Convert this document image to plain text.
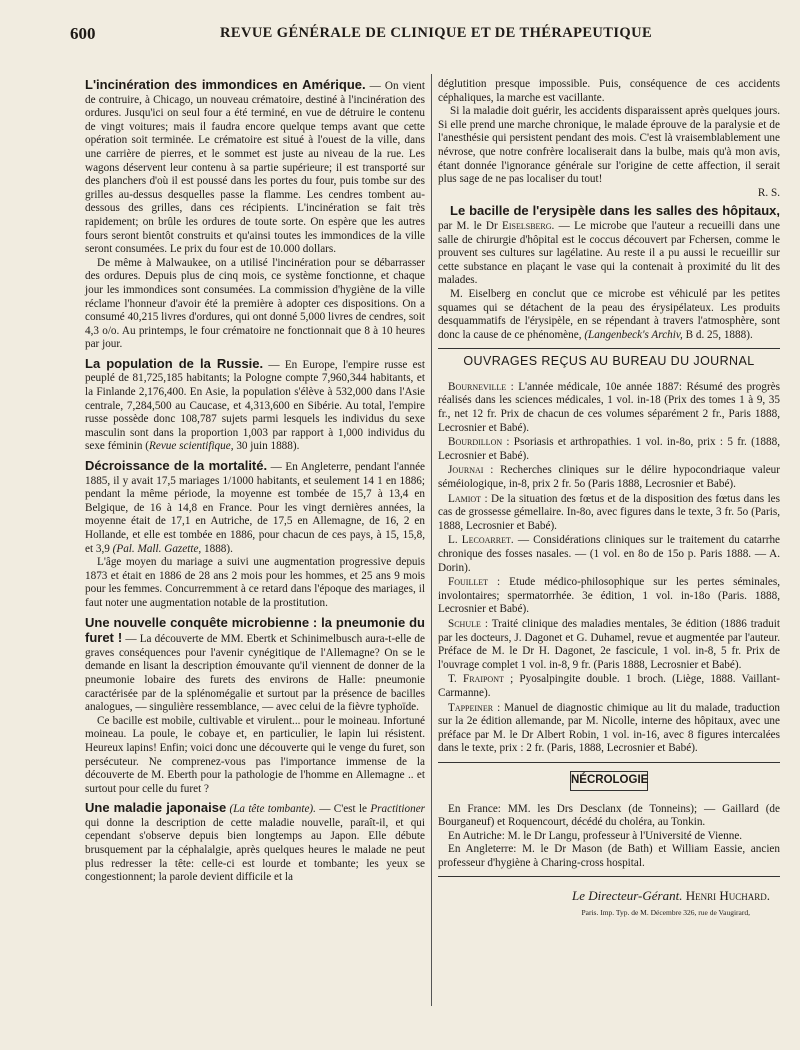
600	REVUE GÉNÉRALE DE CLINIQUE ET DE THÉRAPEUTIQUE

L'incinération des immondices en Amérique. — On vient de contruire, à Chicago, un nouveau crématoire, destiné à l'incinération des ordures. Jusqu'ici on seul four a été terminé, en vue de détruire le contenu de vingt voitures; mais il faudra encore quelque temps avant que cette opération soit terminée. Le crématoire est situé à l'ouest de la ville, dans une carrière de pierres, et le sommet est juste au niveau de la rue. Les wagons déservent leur contenu à sa partie supérieure; il est transporté sur des planchers d'où il est poussé dans les portes du four, puis tombe sur des grilles au-dessus desquelles passe la flamme. Les cendres tombent au-dessous des grilles, dans ces récipients. L'incinération se fait très rapidement; on brûle les ordures de toute sorte. On espère que les autres fours seront bientôt construits et qu'ainsi toutes les immondices de la ville seront consumées. Le prix du four est de 10.000 dollars.

De même à Malwaukee, on a utilisé l'incinération pour se débarrasser des ordures. Depuis plus de cinq mois, ce système fonctionne, et chaque jour les immondices sont consumées. La commission d'hygiène de la ville réclame l'honneur d'avoir été la première à adopter ces dispositions. On a consumé 40,215 livres d'ordures, qui ont donné 5,000 livres de cendres, soit 4,3 o/o. Au printemps, le four crématoire ne fonctionnait que 8 à 10 heures par jour.

La population de la Russie. — En Europe, l'empire russe est peuplé de 81,725,185 habitants; la Pologne compte 7,960,344 habitants, et la Finlande 2,176,400. En Asie, la population s'élève à 532,000 dans l'Asie centrale, 7,284,500 au Caucase, et 4,313,600 en Sibérie. Au total, l'empire russe possède donc 108,787 sujets parmi lesquels les individus du sexe masculin sont dans la proportion 1,003 par rapport à 1,000 individus du sexe féminin (Revue scientifique, 30 juin 1888).

Décroissance de la mortalité. — En Angleterre, pendant l'année 1885, il y avait 17,5 mariages 1/1000 habitants, et seulement 14 1 en 1886; pendant la même période, la moyenne est tombée de 15,7 à 13,4 en Belgique, de 16 à 14,8 en France. Pour les vingt dernières années, la moyenne était de 17,1 en Autriche, de 17,5 en Allemagne, de 16, 2 en Hollande, et elle est tombée en 1886, pour chacun de ces pays, à 15, 15,8, et 3,9 (Pal. Mall. Gazette, 1888).

L'âge moyen du mariage a suivi une augmentation progressive depuis 1873 et était en 1886 de 28 ans 2 mois pour les hommes, et 25 ans 9 mois pour les femmes. Concurremment à ce retard dans l'époque des mariages, il faut noter une augmentation notable de la prostitution.

Une nouvelle conquête microbienne : la pneumonie du furet ! — La découverte de MM. Ebertk et Schinimelbusch aura-t-elle de graves conséquences pour l'avenir cynégitique de l'Allemagne? On se le demande en lisant la description émouvante qu'il viennent de donner de la pneumonie lobaire des furets des environs de Halle: pneumonie caractérisée par de la splénomégalie et surtout par la présence de bacilles analogues, — singulière ressemblance, — avec celui de la fièvre typhoïde.

Ce bacille est mobile, cultivable et virulent... pour le moineau. Infortuné moineau. La poule, le cobaye et, en particulier, le lapin lui résistent. Heureux lapins! Enfin; voici donc une découverte qui le venge du furet, son persécuteur. Ne comprenez-vous pas l'importance immense de la découverte de M. Eberth pour la pathologie de l'homme en Allemagne .. et surtout pour celle du furet ?

Une maladie japonaise (La tête tombante). — C'est le Practitioner qui donne la description de cette maladie nouvelle, paraît-il, et qui cependant s'observe depuis bien longtemps au Japon. Elle débute brusquement par la céphalalgie, après quelques heures le malade ne peut plus redresser la tête: celle-ci est lourde et tombante; les yeux se congestionnent; la parole devient difficile et la

déglutition presque impossible. Puis, conséquence de ces accidents céphaliques, la marche est vacillante.

Si la maladie doit guérir, les accidents disparaissent après quelques jours. Si elle prend une marche chronique, le malade éprouve de la paralysie et de l'anesthésie qui persistent pendant des mois. C'est là vraisemblablement une névrose, que notre confrère localiserait dans la bulbe, mais qu'à mon avis, étant donnée l'ignorance générale sur l'origine de cette affection, il serait plus sage de ne pas localiser du tout!

R. S.

Le bacille de l'erysipèle dans les salles des hôpitaux, par M. le Dr Eiselsberg. — Le microbe que l'auteur a recueilli dans une salle de chirurgie d'hôpital est le coccus découvert par Fchersen, comme le prouvent ses cultures sur lagélatine. Au reste il a pu aussi le recueillir sur cette substance en plaçant le vase qui la contenait à proximité du lit des malades.

M. Eiselberg en conclut que ce microbe est véhiculé par les petites squames qui se détachent de la peau des érysipélateux. Les produits desquammatifs de l'érysipèle, en se répendant à travers l'atmosphère, sont donc la cause de ce phénomène, (Langenbeck's Archiv, B d. 25, 1888).

OUVRAGES REÇUS AU BUREAU DU JOURNAL

Bourneville : L'année médicale, 10e année 1887: Résumé des progrès réalisés dans les sciences médicales, 1 vol. in-18 (Prix des tomes 1 à 9, 35 fr., net 12 fr. Prix de chacun de ces volumes séparément 2 fr., Paris 1888, Lecrosnier et Babé).

Bourdillon : Psoriasis et arthropathies. 1 vol. in-8o, prix : 5 fr. (1888, Lecrosnier et Babé).

Journai : Recherches cliniques sur le délire hypocondriaque valeur séméiologique, in-8, prix 2 fr. 5o (Paris 1888, Lecrosnier et Babé).

Lamiot : De la situation des fœtus et de la disposition des fœtus dans les cas de grossesse gémellaire. In-8o, avec figures dans le texte, 3 fr. 5o (Paris, 1888, Lecrosnier et Babé).

L. Lecoarret. — Considérations cliniques sur le traitement du catarrhe chronique des fosses nasales. — (1 vol. en 8o de 15o p. Paris 1888. — A. Dorin).

Fouillet : Etude médico-philosophique sur les pertes séminales, involontaires; spermatorrhée. 3e édition, 1 vol. in-18o (Paris. 1888, Lecrosnier et Babé).

Schule : Traité clinique des maladies mentales, 3e édition (1886 traduit par les docteurs, J. Dagonet et G. Duhamel, revue et augmentée par l'auteur. Préface de M. le Dr H. Dagonet, 2e fascicule, 1 vol. in-8, 5 fr. Prix de l'ouvrage complet 1 vol. in-8, 9 fr. (Paris 1888, Lecrosnier et Babé).

T. Fraipont ; Pyosalpingite double. 1 broch. (Liège, 1888. Vaillant-Carmanne).

Tappeiner : Manuel de diagnostic chimique au lit du malade, traduction sur la 2e édition allemande, par M. Nicolle, interne des hôpitaux, avec une préface par M. le Dr Albert Robin, 1 vol. in-16, avec 8 figures intercalées dans le texte, prix : 2 fr. (Paris, 1888, Lecrosnier et Babé).

NÉCROLOGIE

En France: MM. les Drs Desclanx (de Tonneins); — Gaillard (de Bourganeuf) et Roquencourt, décédé du choléra, au Tonkin.

En Autriche: M. le Dr Langu, professeur à l'Université de Vienne.

En Angleterre: M. le Dr Mason (de Bath) et William Eassie, ancien professeur d'hygiène à Charing-cross hospital.

Le Directeur-Gérant. Henri Huchard.

Paris. Imp. Typ. de M. Décembre 326, rue de Vaugirard,
